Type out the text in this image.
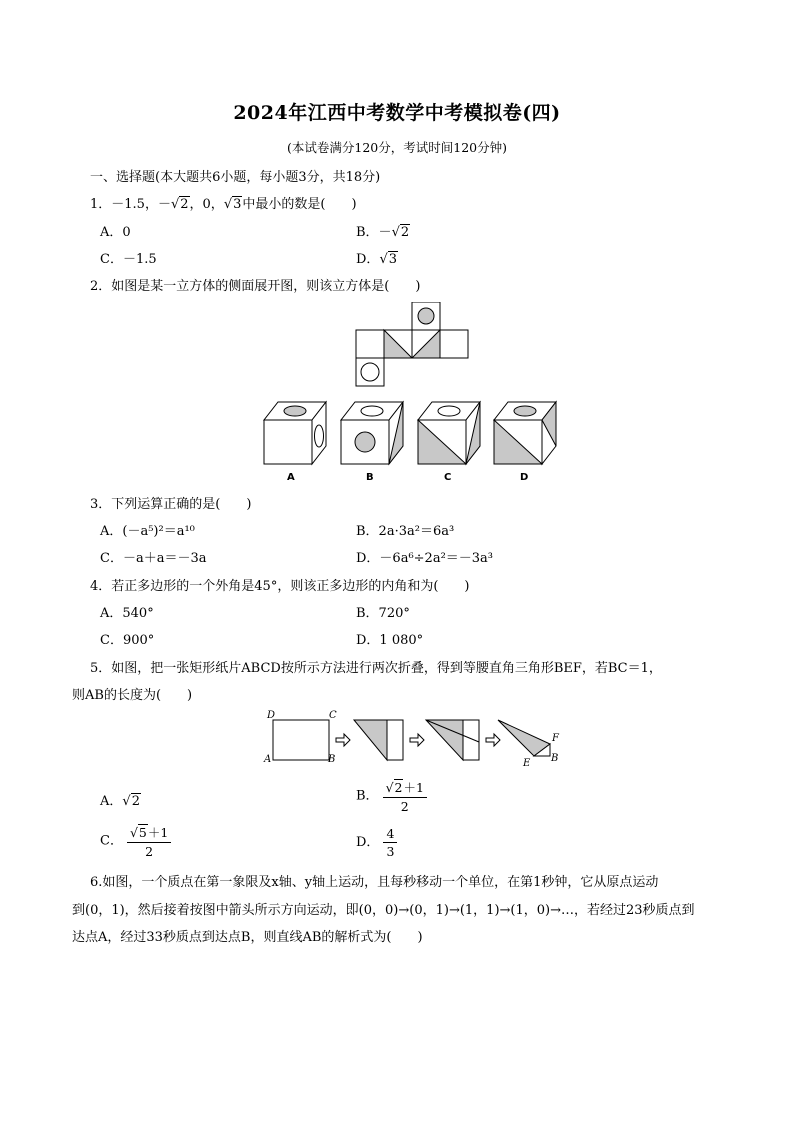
2024年江西中考数学中考模拟卷(四)
(本试卷满分120分，考试时间120分钟)
一、选择题(本大题共6小题，每小题3分，共18分)
1．－1.5，－√2，0，√3中最小的数是(　　)
A．0	B．－√2
C．－1.5	D．√3
2．如图是某一立方体的侧面展开图，则该立方体是(　　)
A	B	C	D
3．下列运算正确的是(　　)
A．(－a⁵)²＝a¹⁰	B．2a·3a²＝6a³
C．－a＋a＝－3a	D．－6a⁶÷2a²＝－3a³
4．若正多边形的一个外角是45°，则该正多边形的内角和为(　　)
A．540°	B．720°
C．900°	D．1 080°
5．如图，把一张矩形纸片ABCD按所示方法进行两次折叠，得到等腰直角三角形BEF，若BC＝1，
则AB的长度为(　　)
D	C
A	B
F
E B
A．√2	B． $\frac{√2+1}{2}$
C． $\frac{√5+1}{2}$	D． $\frac{4}{3}$
6.如图，一个质点在第一象限及x轴、y轴上运动，且每秒移动一个单位，在第1秒钟，它从原点运动
到(0，1)，然后接着按图中箭头所示方向运动，即(0，0)→(0，1)→(1，1)→(1，0)→…，若经过23秒质点到
达点A，经过33秒质点到达点B，则直线AB的解析式为(　　)
